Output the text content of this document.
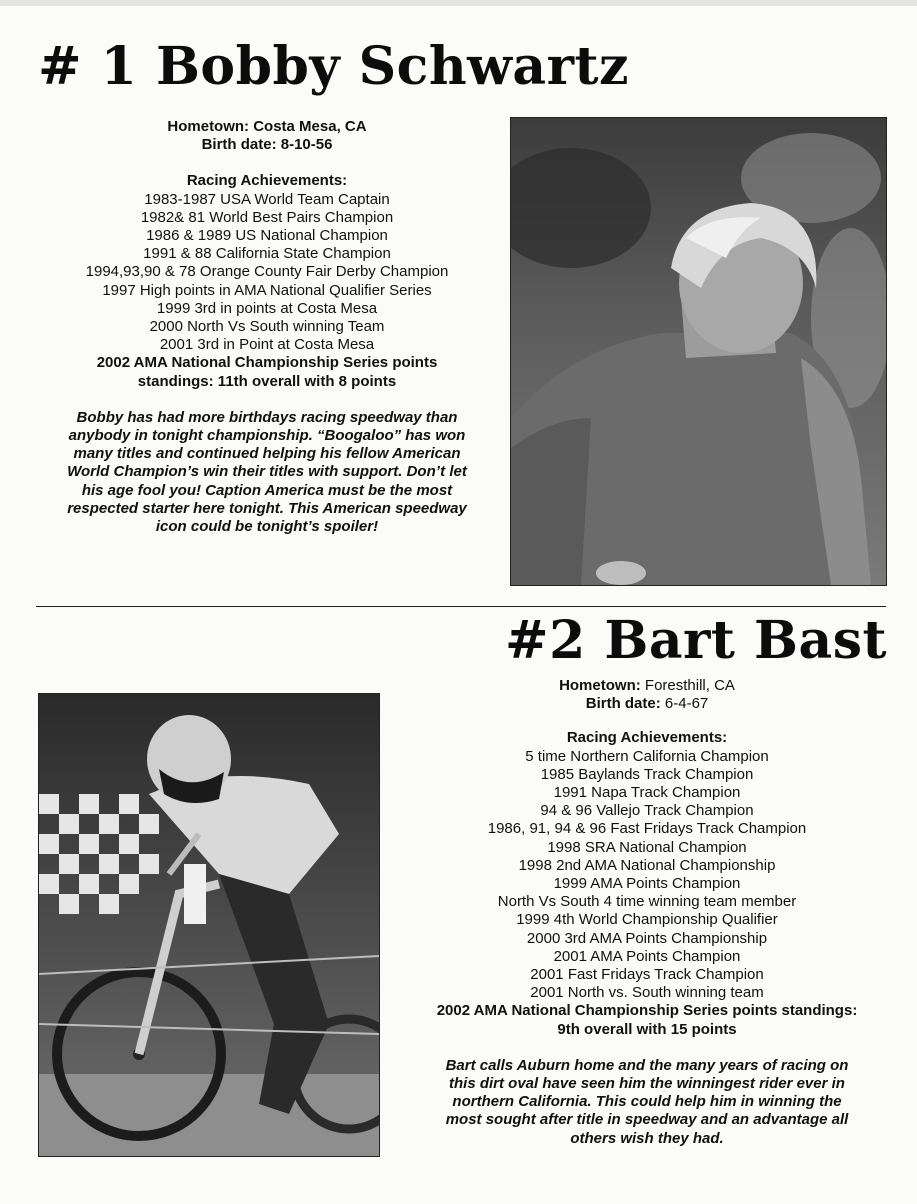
# 1 Bobby Schwartz
Hometown: Costa Mesa, CA
Birth date: 8-10-56
Racing Achievements:
1983-1987 USA World Team Captain
1982& 81 World Best Pairs Champion
1986 & 1989 US National Champion
1991 & 88 California State Champion
1994,93,90 & 78 Orange County Fair Derby Champion
1997 High points in AMA National Qualifier Series
1999 3rd in points at Costa Mesa
2000 North Vs South winning Team
2001 3rd in Point at Costa Mesa
2002 AMA National Championship Series points
standings: 11th overall with 8 points
Bobby has had more birthdays racing speedway than
anybody in tonight championship. “Boogaloo” has won
many titles and continued helping his fellow American
World Champion’s win their titles with support. Don’t let
his age fool you! Caption America must be the most
respected starter here tonight. This American speedway
icon could be tonight’s spoiler!
#2 Bart Bast
Hometown: Foresthill, CA
Birth date: 6-4-67
Racing Achievements:
5 time Northern California Champion
1985 Baylands Track Champion
1991 Napa Track Champion
94 & 96 Vallejo Track Champion
1986, 91, 94 & 96 Fast Fridays Track Champion
1998 SRA National Champion
1998 2nd AMA National Championship
1999 AMA Points Champion
North Vs South 4 time winning team member
1999 4th World Championship Qualifier
2000 3rd AMA Points Championship
2001 AMA Points Champion
2001 Fast Fridays Track Champion
2001 North vs. South winning team
2002 AMA National Championship Series points standings:
9th overall with 15 points
Bart calls Auburn home and the many years of racing on
this dirt oval have seen him the winningest rider ever in
northern California. This could help him in winning the
most sought after title in speedway and an advantage all
others wish they had.
